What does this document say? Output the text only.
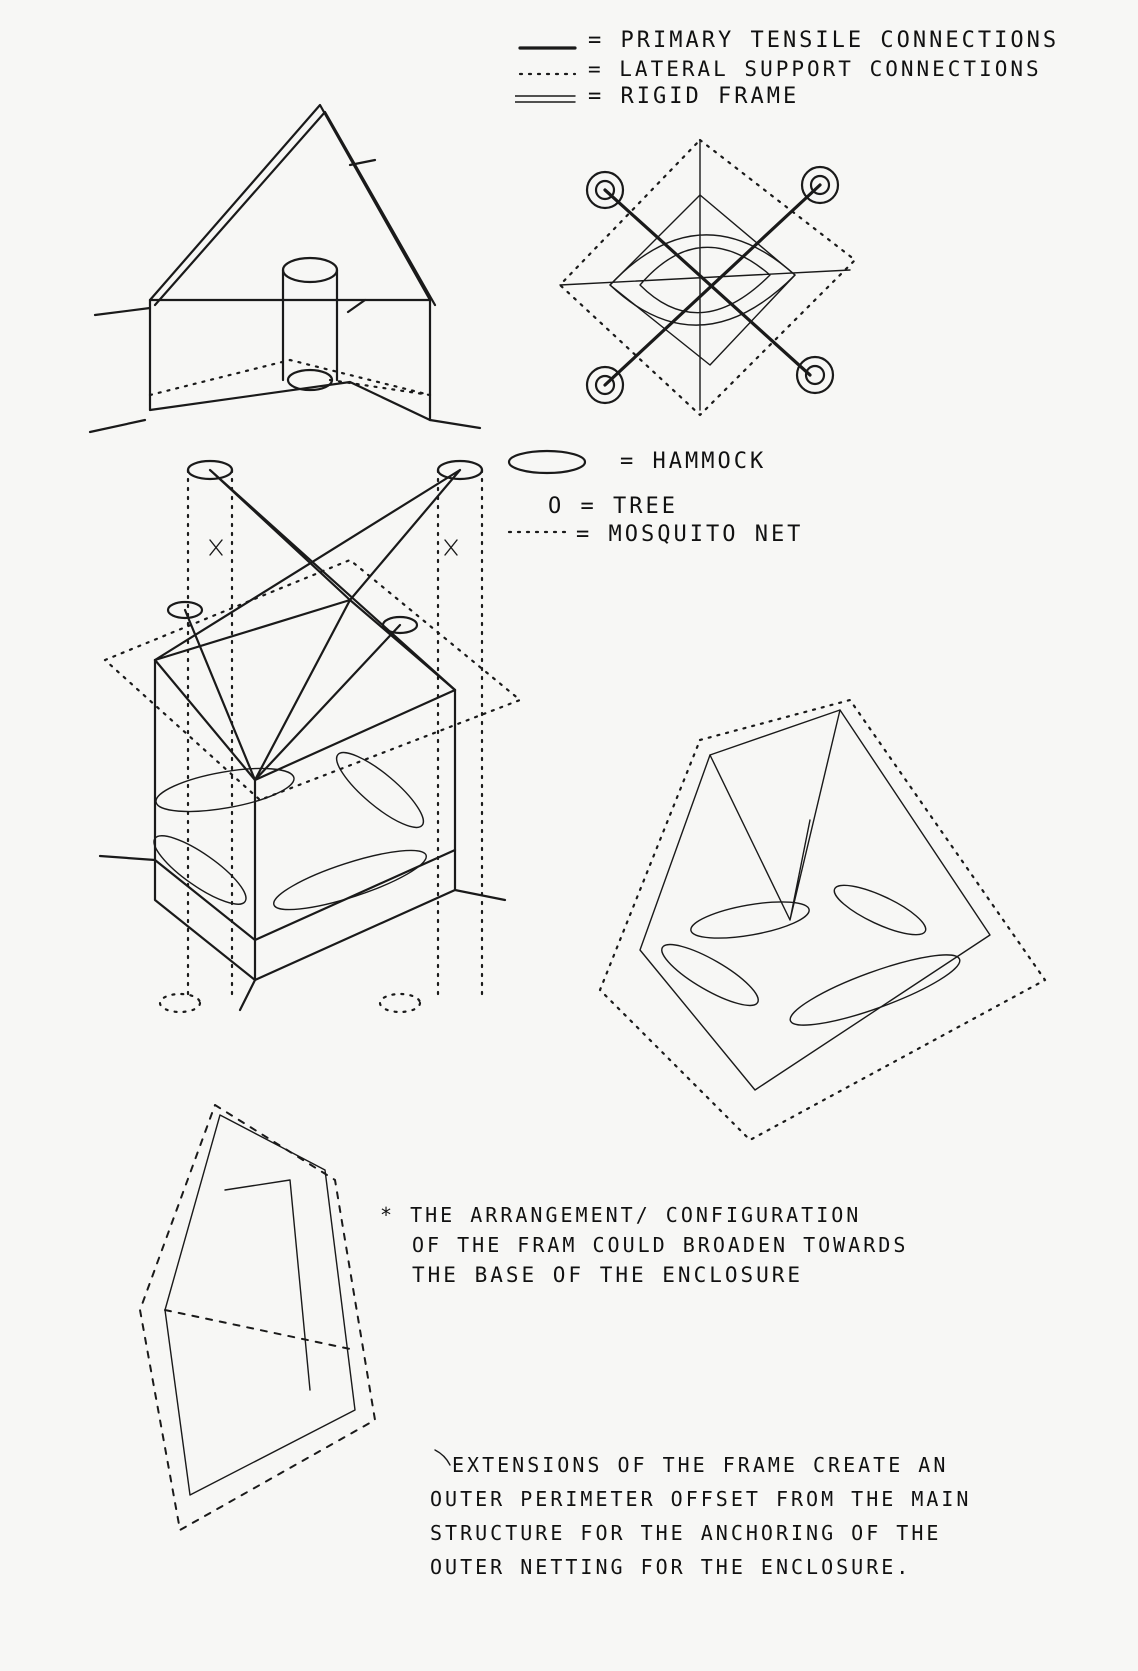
= PRIMARY TENSILE CONNECTIONS

= LATERAL SUPPORT CONNECTIONS

= RIGID FRAME

= HAMMOCK

O = TREE

= MOSQUITO NET

* THE ARRANGEMENT/ CONFIGURATION

OF THE FRAM COULD BROADEN TOWARDS

THE BASE OF THE ENCLOSURE

EXTENSIONS OF THE FRAME CREATE AN

OUTER PERIMETER OFFSET FROM THE MAIN

STRUCTURE FOR THE ANCHORING OF THE

OUTER NETTING FOR THE ENCLOSURE.
